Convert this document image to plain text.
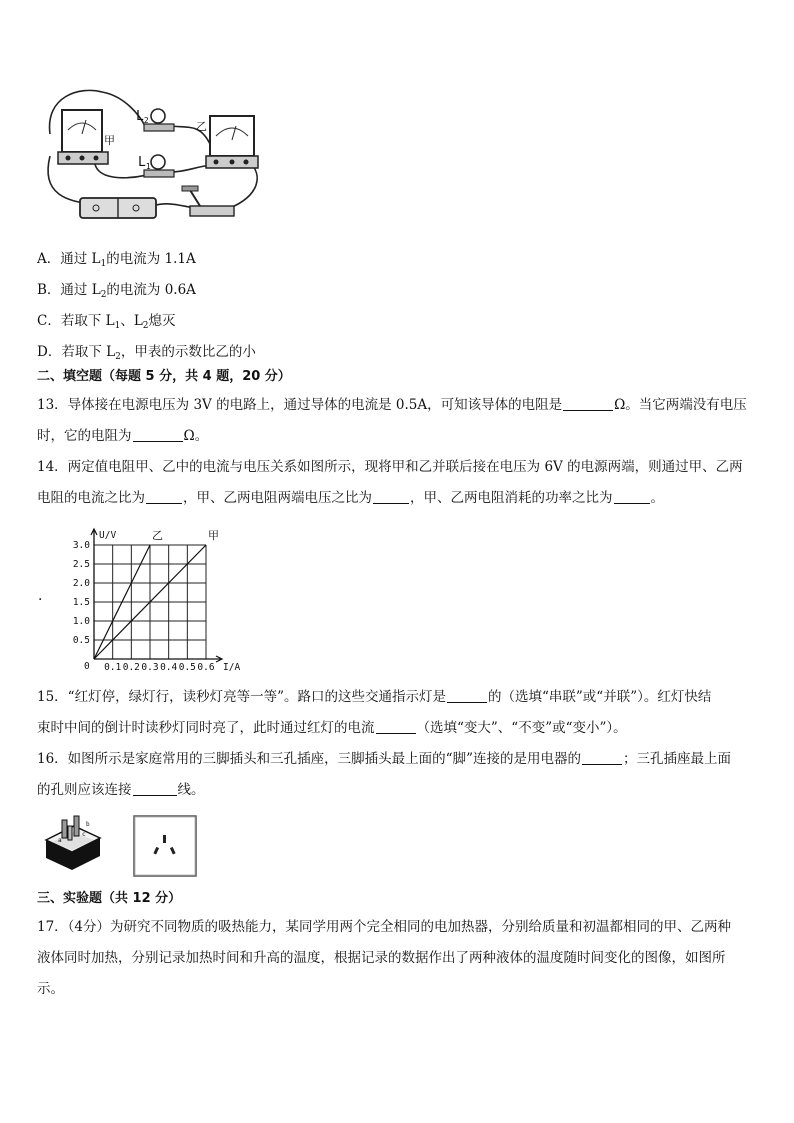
$L_2$
$L_1$
甲
乙
A．通过 $L_1$的电流为 1.1A
B．通过 $L_2$的电流为 0.6A
C．若取下 $L_1$、$L_2$熄灭
D．若取下 $L_2$，甲表的示数比乙的小
二、填空题（每题 5 分，共 4 题，20 分）
13．导体接在电源电压为 3V 的电路上，通过导体的电流是 0.5A，可知该导体的电阻是	Ω。当它两端没有电压
时，它的电阻为	Ω。
14．两定值电阻甲、乙中的电流与电压关系如图所示，现将甲和乙并联后接在电压为 6V 的电源两端，则通过甲、乙两
电阻的电流之比为	，甲、乙两电阻两端电压之比为	，甲、乙两电阻消耗的功率之比为	。
·
0.5
1.0
1.5
2.0
2.5
3.0
0.1 0.2 0.3 0.4 0.5 0.6
0
U/V
I/A
乙	甲
15．“红灯停，绿灯行，读秒灯亮等一等”。路口的这些交通指示灯是	的（选填“串联”或“并联”）。红灯快结
束时中间的倒计时读秒灯同时亮了，此时通过红灯的电流	（选填“变大”、“不变”或“变小”）。
16．如图所示是家庭常用的三脚插头和三孔插座，三脚插头最上面的“脚”连接的是用电器的	；三孔插座最上面
的孔则应该连接	线。
c
a
b
三、实验题（共 12 分）
17．（4分）为研究不同物质的吸热能力，某同学用两个完全相同的电加热器，分别给质量和初温都相同的甲、乙两种
液体同时加热，分别记录加热时间和升高的温度，根据记录的数据作出了两种液体的温度随时间变化的图像，如图所
示。
